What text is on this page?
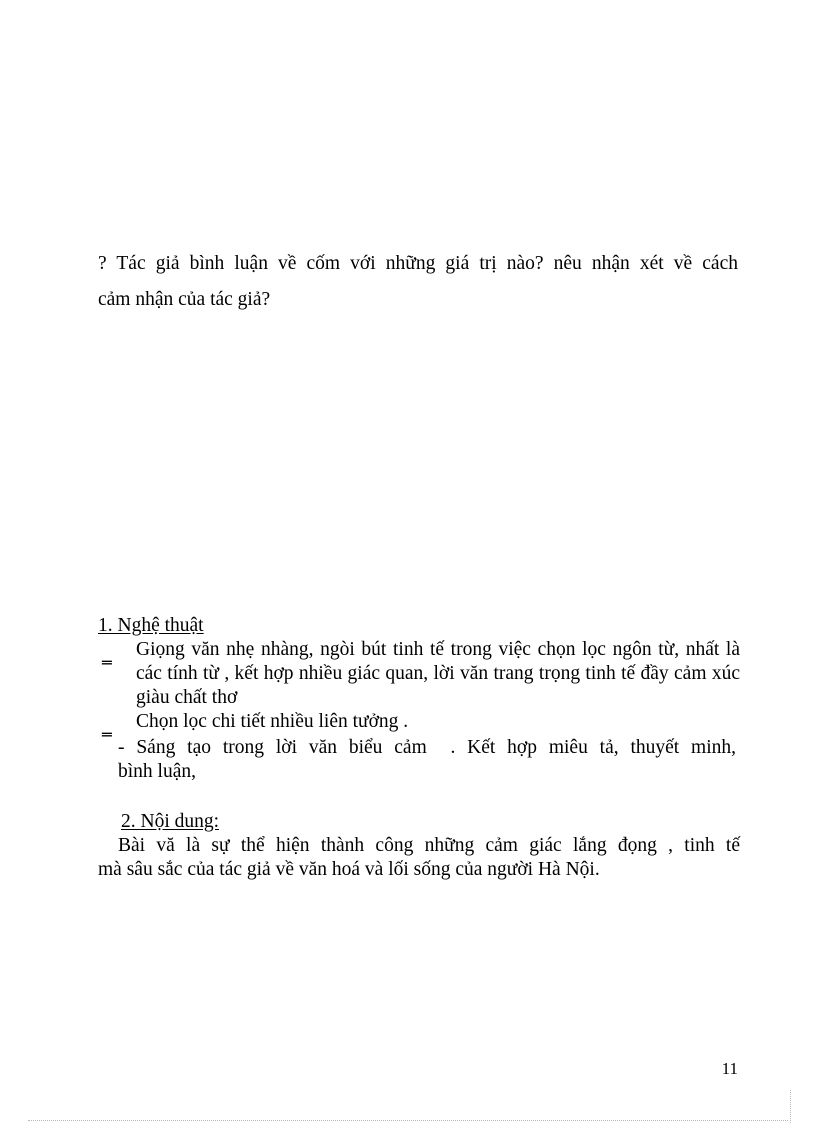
? Tác giả bình luận về cốm với những giá trị nào? nêu nhận xét về cách
cảm nhận của tác giả?
1. Nghệ thuật
‗ Giọng văn nhẹ nhàng, ngòi bút tinh tế trong việc chọn lọc ngôn từ, nhất là các tính từ , kết hợp nhiều giác quan, lời văn trang trọng tinh tế đầy cảm xúc giàu chất thơ
‗ Chọn lọc chi tiết nhiều liên tưởng .
- Sáng tạo trong lời văn biểu cảm  . Kết hợp miêu tả, thuyết minh,
bình luận,
2. Nội dung:
Bài vă là sự thể hiện thành công những cảm giác lắng đọng , tinh tế
mà sâu sắc của tác giả về văn hoá và lối sống của người Hà Nội.
11
